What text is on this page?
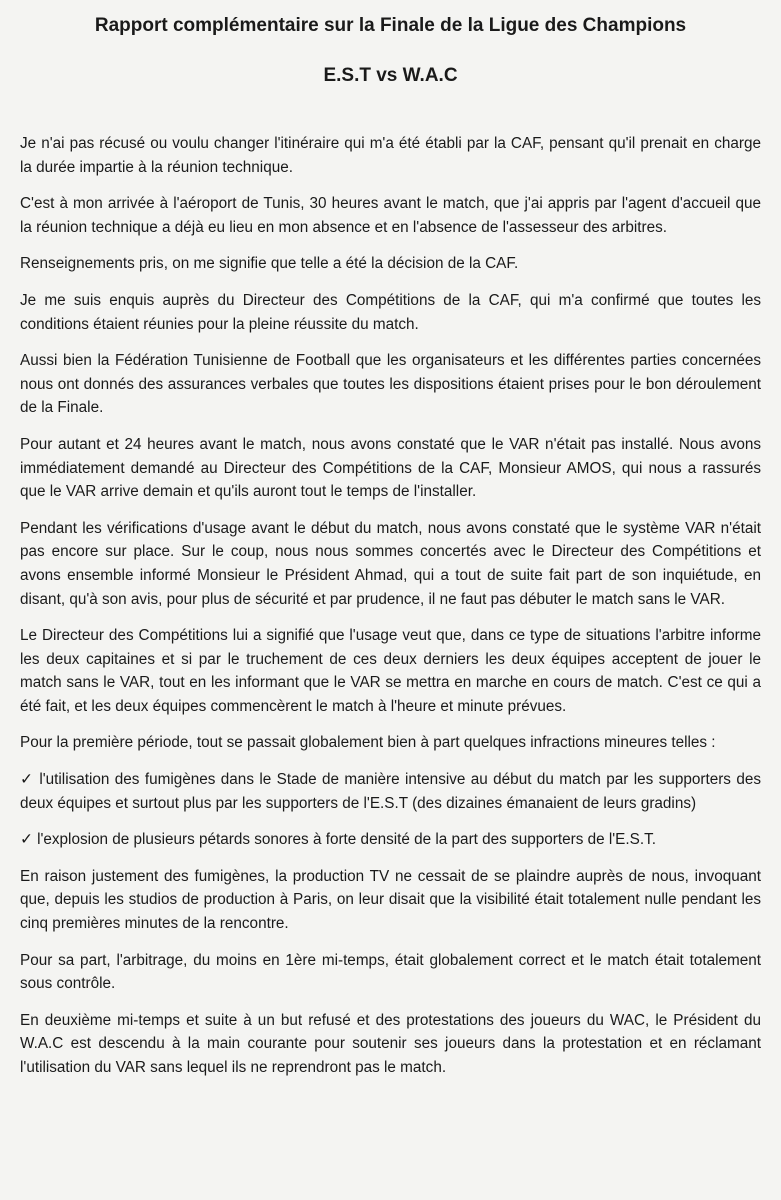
Rapport complémentaire sur la Finale de la Ligue des Champions
E.S.T vs W.A.C

Je n'ai pas récusé ou voulu changer l'itinéraire qui m'a été établi par la CAF, pensant qu'il prenait en charge la durée impartie à la réunion technique.

C'est à mon arrivée à l'aéroport de Tunis, 30 heures avant le match, que j'ai appris par l'agent d'accueil que la réunion technique a déjà eu lieu en mon absence et en l'absence de l'assesseur des arbitres.

Renseignements pris, on me signifie que telle a été la décision de la CAF.

Je me suis enquis auprès du Directeur des Compétitions de la CAF, qui m'a confirmé que toutes les conditions étaient réunies pour la pleine réussite du match.

Aussi bien la Fédération Tunisienne de Football que les organisateurs et les différentes parties concernées nous ont donnés des assurances verbales que toutes les dispositions étaient prises pour le bon déroulement de la Finale.

Pour autant et 24 heures avant le match, nous avons constaté que le VAR n'était pas installé. Nous avons immédiatement demandé au Directeur des Compétitions de la CAF, Monsieur AMOS, qui nous a rassurés que le VAR arrive demain et qu'ils auront tout le temps de l'installer.

Pendant les vérifications d'usage avant le début du match, nous avons constaté que le système VAR n'était pas encore sur place. Sur le coup, nous nous sommes concertés avec le Directeur des Compétitions et avons ensemble informé Monsieur le Président Ahmad, qui a tout de suite fait part de son inquiétude, en disant, qu'à son avis, pour plus de sécurité et par prudence, il ne faut pas débuter le match sans le VAR.

Le Directeur des Compétitions lui a signifié que l'usage veut que, dans ce type de situations l'arbitre informe les deux capitaines et si par le truchement de ces deux derniers les deux équipes acceptent de jouer le match sans le VAR, tout en les informant que le VAR se mettra en marche en cours de match. C'est ce qui a été fait, et les deux équipes commencèrent le match à l'heure et minute prévues.

Pour la première période, tout se passait globalement bien à part quelques infractions mineures telles :

✓ l'utilisation des fumigènes dans le Stade de manière intensive au début du match par les supporters des deux équipes et surtout plus par les supporters de l'E.S.T (des dizaines émanaient de leurs gradins)

✓ l'explosion de plusieurs pétards sonores à forte densité de la part des supporters de l'E.S.T.

En raison justement des fumigènes, la production TV ne cessait de se plaindre auprès de nous, invoquant que, depuis les studios de production à Paris, on leur disait que la visibilité était totalement nulle pendant les cinq premières minutes de la rencontre.

Pour sa part, l'arbitrage, du moins en 1ère mi-temps, était globalement correct et le match était totalement sous contrôle.

En deuxième mi-temps et suite à un but refusé et des protestations des joueurs du WAC, le Président du W.A.C est descendu à la main courante pour soutenir ses joueurs dans la protestation et en réclamant l'utilisation du VAR sans lequel ils ne reprendront pas le match.
